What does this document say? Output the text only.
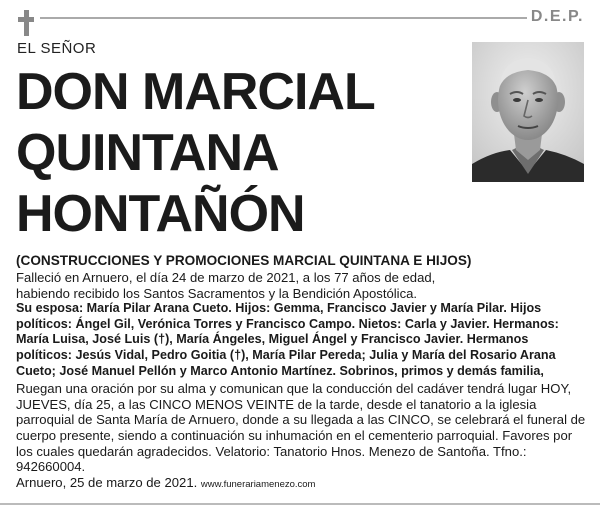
D.E.P.
EL SEÑOR
DON MARCIAL
QUINTANA
HONTAÑÓN
(CONSTRUCCIONES Y PROMOCIONES MARCIAL QUINTANA E HIJOS)
Falleció en Arnuero, el día 24 de marzo de 2021, a los 77 años de edad,
habiendo recibido los Santos Sacramentos y la Bendición Apostólica.
Su esposa: María Pilar Arana Cueto. Hijos: Gemma, Francisco Javier y María Pilar. Hijos políticos: Ángel Gil, Verónica Torres y Francisco Campo. Nietos: Carla y Javier. Hermanos: María Luisa, José Luis (†), María Ángeles, Miguel Ángel y Francisco Javier. Hermanos políticos: Jesús Vidal, Pedro Goitia (†), María Pilar Pereda; Julia y María del Rosario Arana Cueto; José Manuel Pellón y Marco Antonio Martínez. Sobrinos, primos y demás familia,
Ruegan una oración por su alma y comunican que la conducción del cadáver tendrá lugar HOY, JUEVES, día 25, a las CINCO MENOS VEINTE de la tarde, desde el tanatorio a la iglesia parroquial de Santa María de Arnuero, donde a su llegada a las CINCO, se celebrará el funeral de cuerpo presente, siendo a continuación su inhumación en el cementerio parroquial. Favores por los cuales quedarán agradecidos. Velatorio: Tanatorio Hnos. Menezo de Santoña. Tfno.: 942660004.
Arnuero, 25 de marzo de 2021. www.funerariamenezo.com
